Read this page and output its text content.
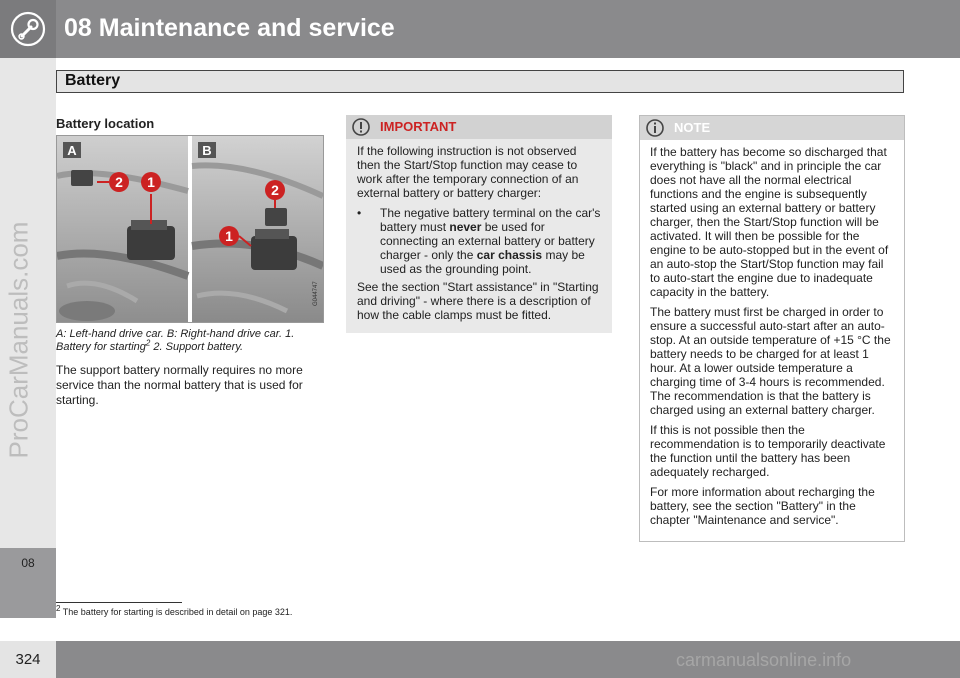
08 Maintenance and service
Battery
ProCarManuals.com
08
Battery location
A	B
2 1	2
1
G044747
A: Left-hand drive car. B: Right-hand drive car. 1. Battery for starting$^2$ 2. Support battery.
The support battery normally requires no more service than the normal battery that is used for starting.
IMPORTANT

If the following instruction is not observed then the Start/Stop function may cease to work after the temporary connection of an external battery or battery charger:

•	The negative battery terminal on the car's battery must never be used for connecting an external battery or battery charger - only the car chassis may be used as the grounding point.

See the section "Start assistance" in "Starting and driving" - where there is a description of how the cable clamps must be fitted.

NOTE

If the battery has become so discharged that everything is "black" and in principle the car does not have all the normal electrical functions and the engine is subsequently started using an external battery or battery charger, then the Start/Stop function will be activated. It will then be possible for the engine to be auto-stopped but in the event of an auto-stop the Start/Stop function may fail to auto-start the engine due to inadequate capacity in the battery.

The battery must first be charged in order to ensure a successful auto-start after an auto-stop. At an outside temperature of +15 °C the battery needs to be charged for at least 1 hour. At a lower outside temperature a charging time of 3-4 hours is recommended. The recommendation is that the battery is charged using an external battery charger.

If this is not possible then the recommendation is to temporarily deactivate the function until the battery has been adequately recharged.

For more information about recharging the battery, see the section "Battery" in the chapter "Maintenance and service".

$^2$ The battery for starting is described in detail on page 321.
324	carmanualsonline.info
